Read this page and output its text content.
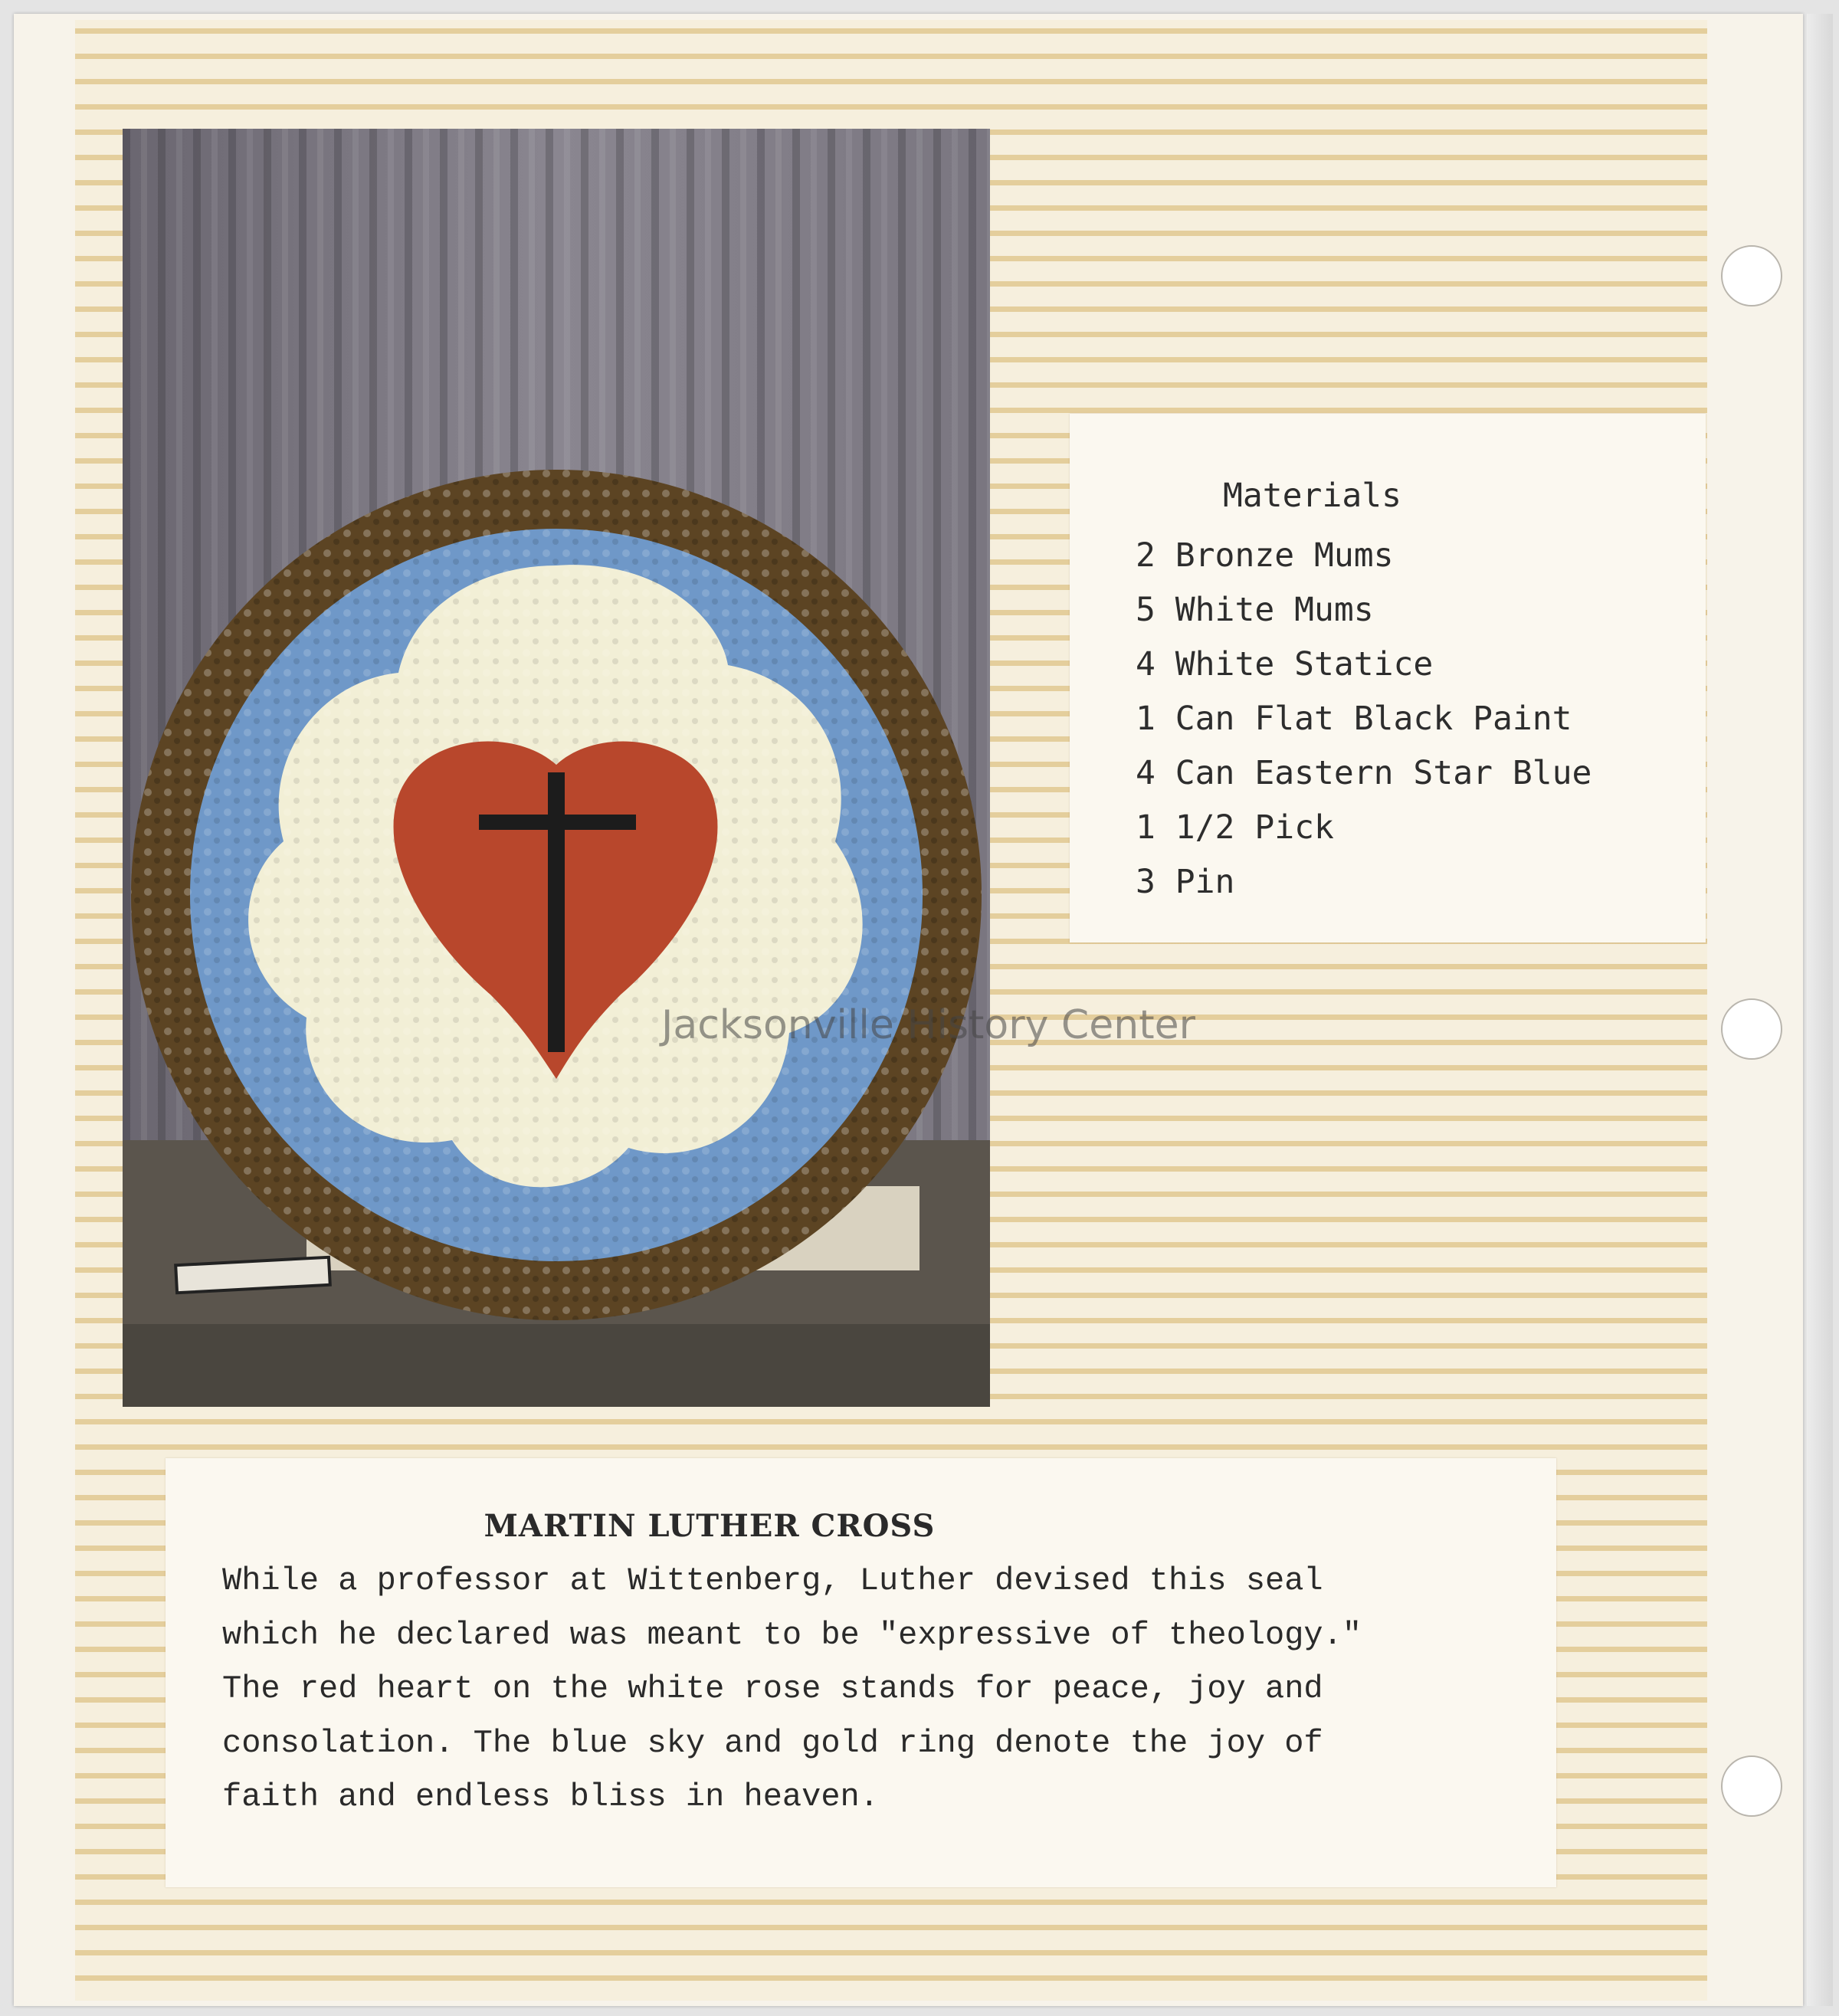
Materials
2 Bronze Mums
5 White Mums
4 White Statice
1 Can Flat Black Paint
4 Can Eastern Star Blue
1 1/2 Pick
3 Pin
MARTIN LUTHER CROSS
While a professor at Wittenberg, Luther devised this seal
which he declared was meant to be "expressive of theology."
The red heart on the white rose stands for peace, joy and
consolation. The blue sky and gold ring denote the joy of
faith and endless bliss in heaven.
Jacksonville History Center
